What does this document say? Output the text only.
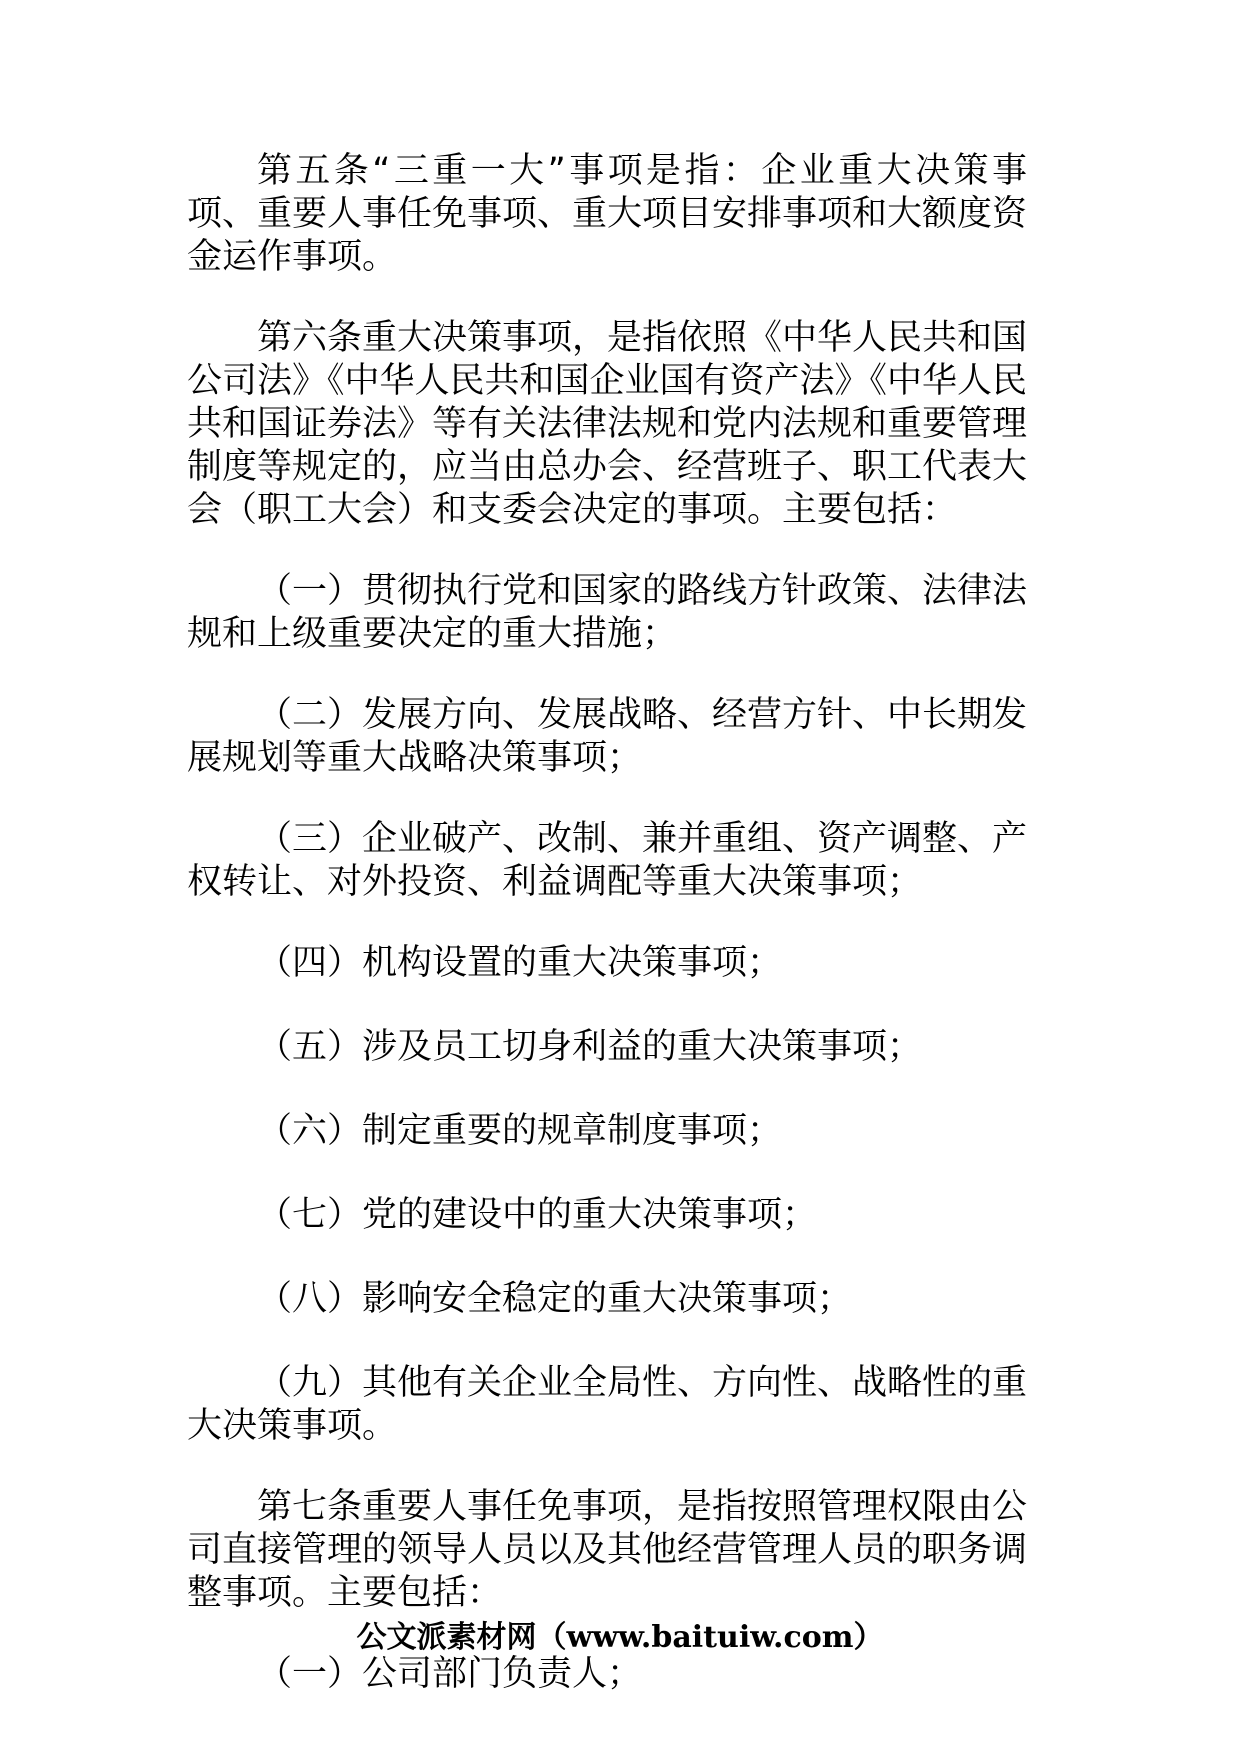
第五条“三重一大”事项是指：企业重大决策事项、重要人事任免事项、重大项目安排事项和大额度资金运作事项。

第六条重大决策事项，是指依照《中华人民共和国公司法》《中华人民共和国企业国有资产法》《中华人民共和国证券法》等有关法律法规和党内法规和重要管理制度等规定的，应当由总办会、经营班子、职工代表大会（职工大会）和支委会决定的事项。主要包括：

（一）贯彻执行党和国家的路线方针政策、法律法规和上级重要决定的重大措施；

（二）发展方向、发展战略、经营方针、中长期发展规划等重大战略决策事项；

（三）企业破产、改制、兼并重组、资产调整、产权转让、对外投资、利益调配等重大决策事项；

（四）机构设置的重大决策事项；

（五）涉及员工切身利益的重大决策事项；

（六）制定重要的规章制度事项；

（七）党的建设中的重大决策事项；

（八）影响安全稳定的重大决策事项；

（九）其他有关企业全局性、方向性、战略性的重大决策事项。

第七条重要人事任免事项，是指按照管理权限由公司直接管理的领导人员以及其他经营管理人员的职务调整事项。主要包括：

（一）公司部门负责人；

公文派素材网（www.baituiw.com）
